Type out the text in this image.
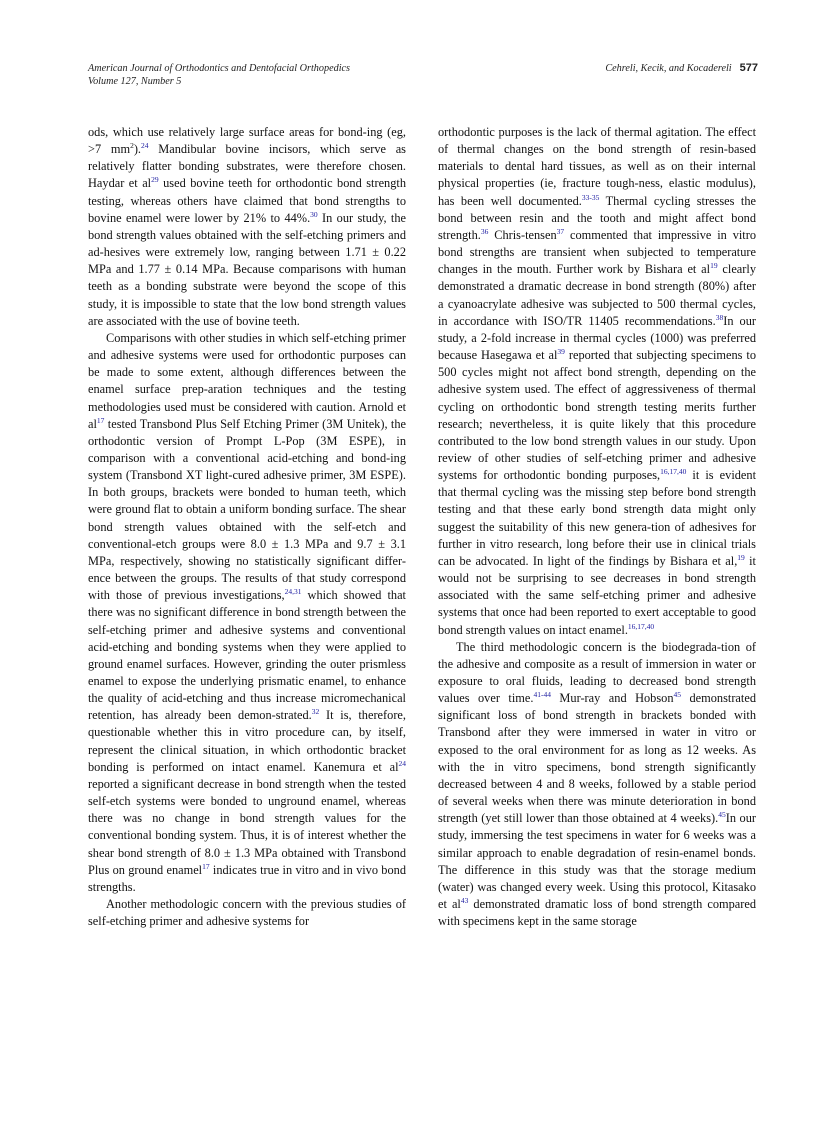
American Journal of Orthodontics and Dentofacial Orthopedics
Volume 127, Number 5
Cehreli, Kecik, and Kocadereli 577

ods, which use relatively large surface areas for bond-ing (eg, >7 $mm^2).^{24}$ Mandibular bovine incisors, which serve as relatively flatter bonding substrates, were therefore chosen. Haydar et al$^{29}$ used bovine teeth for orthodontic bond strength testing, whereas others have claimed that bond strengths to bovine enamel were lower by 21% to 44%.$^{30}$ In our study, the bond strength values obtained with the self-etching primers and ad-hesives were extremely low, ranging between 1.71 ± 0.22 MPa and 1.77 ± 0.14 MPa. Because comparisons with human teeth as a bonding substrate were beyond the scope of this study, it is impossible to state that the low bond strength values are associated with the use of bovine teeth.

Comparisons with other studies in which self-etching primer and adhesive systems were used for orthodontic purposes can be made to some extent, although differences between the enamel surface prep-aration techniques and the testing methodologies used must be considered with caution. Arnold et al$^{17}$ tested Transbond Plus Self Etching Primer (3M Unitek), the orthodontic version of Prompt L-Pop (3M ESPE), in comparison with a conventional acid-etching and bond-ing system (Transbond XT light-cured adhesive primer, 3M ESPE). In both groups, brackets were bonded to human teeth, which were ground flat to obtain a uniform bonding surface. The shear bond strength values obtained with the self-etch and conventional-etch groups were 8.0 ± 1.3 MPa and 9.7 ± 3.1 MPa, respectively, showing no statistically significant differ-ence between the groups. The results of that study correspond with those of previous investigations,$^{24,31}$ which showed that there was no significant difference in bond strength between the self-etching primer and adhesive systems and conventional acid-etching and bonding systems when they were applied to ground enamel surfaces. However, grinding the outer prismless enamel to expose the underlying prismatic enamel, to enhance the quality of acid-etching and thus increase micromechanical retention, has already been demon-strated.$^{32}$ It is, therefore, questionable whether this in vitro procedure can, by itself, represent the clinical situation, in which orthodontic bracket bonding is performed on intact enamel. Kanemura et al$^{24}$ reported a significant decrease in bond strength when the tested self-etch systems were bonded to unground enamel, whereas there was no change in bond strength values for the conventional bonding system. Thus, it is of interest whether the shear bond strength of 8.0 ± 1.3 MPa obtained with Transbond Plus on ground enamel$^{17}$ indicates true in vitro and in vivo bond strengths.

Another methodologic concern with the previous studies of self-etching primer and adhesive systems for

orthodontic purposes is the lack of thermal agitation. The effect of thermal changes on the bond strength of resin-based materials to dental hard tissues, as well as on their internal physical properties (ie, fracture tough-ness, elastic modulus), has been well documented.$^{33-35}$ Thermal cycling stresses the bond between resin and the tooth and might affect bond strength.$^{36}$ Chris-tensen$^{37}$ commented that impressive in vitro bond strengths are transient when subjected to temperature changes in the mouth. Further work by Bishara et al$^{19}$ clearly demonstrated a dramatic decrease in bond strength (80%) after a cyanoacrylate adhesive was subjected to 500 thermal cycles, in accordance with ISO/TR 11405 recommendations.$^{38}$In our study, a 2-fold increase in thermal cycles (1000) was preferred because Hasegawa et al$^{39}$ reported that subjecting specimens to 500 cycles might not affect bond strength, depending on the adhesive system used. The effect of aggressiveness of thermal cycling on orthodontic bond strength testing merits further research; nevertheless, it is quite likely that this procedure contributed to the low bond strength values in our study. Upon review of other studies of self-etching primer and adhesive systems for orthodontic bonding purposes,$^{16,17,40}$ it is evident that thermal cycling was the missing step before bond strength testing and that these early bond strength data might only suggest the suitability of this new genera-tion of adhesives for further in vitro research, long before their use in clinical trials can be advocated. In light of the findings by Bishara et al,$^{19}$ it would not be surprising to see decreases in bond strength associated with the same self-etching primer and adhesive systems that once had been reported to exert acceptable to good bond strength values on intact enamel.$^{16,17,40}$

The third methodologic concern is the biodegrada-tion of the adhesive and composite as a result of immersion in water or exposure to oral fluids, leading to decreased bond strength values over time.$^{41-44}$ Mur-ray and Hobson$^{45}$ demonstrated significant loss of bond strength in brackets bonded with Transbond after they were immersed in water in vitro or exposed to the oral environment for as long as 12 weeks. As with the in vitro specimens, bond strength significantly decreased between 4 and 8 weeks, followed by a stable period of several weeks when there was minute deterioration in bond strength (yet still lower than those obtained at 4 weeks).$^{45}$In our study, immersing the test specimens in water for 6 weeks was a similar approach to enable degradation of resin-enamel bonds. The difference in this study was that the storage medium (water) was changed every week. Using this protocol, Kitasako et al$^{43}$ demonstrated dramatic loss of bond strength compared with specimens kept in the same storage
